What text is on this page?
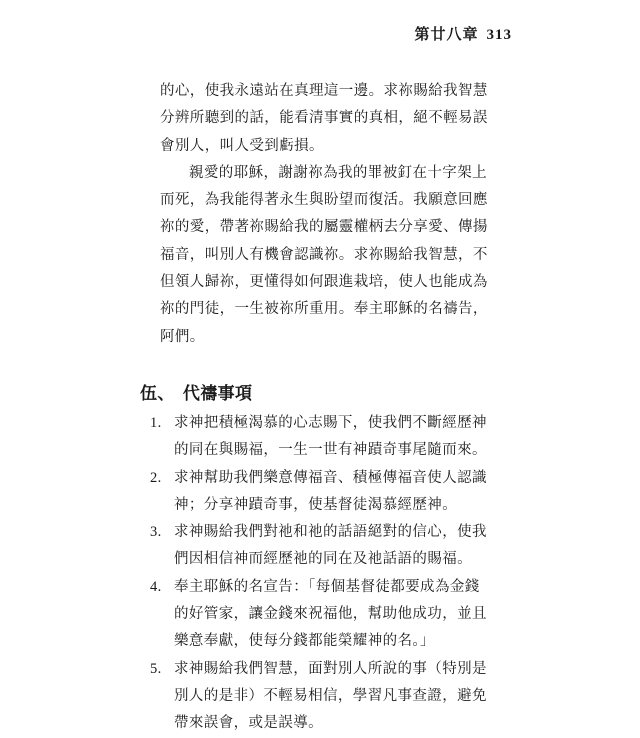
第廿八章 313

的心，使我永遠站在真理這一邊。求祢賜給我智慧分辨所聽到的話，能看清事實的真相，絕不輕易誤會別人，叫人受到虧損。

親愛的耶穌，謝謝祢為我的罪被釘在十字架上而死，為我能得著永生與盼望而復活。我願意回應祢的愛，帶著祢賜給我的屬靈權柄去分享愛、傳揚福音，叫別人有機會認識祢。求祢賜給我智慧，不但領人歸祢，更懂得如何跟進栽培，使人也能成為祢的門徒，一生被祢所重用。奉主耶穌的名禱告，阿們。

伍、 代禱事項
1. 求神把積極渴慕的心志賜下，使我們不斷經歷神的同在與賜福，一生一世有神蹟奇事尾隨而來。
2. 求神幫助我們樂意傳福音、積極傳福音使人認識神；分享神蹟奇事，使基督徒渴慕經歷神。
3. 求神賜給我們對祂和祂的話語絕對的信心，使我們因相信神而經歷祂的同在及祂話語的賜福。
4. 奉主耶穌的名宣告：「每個基督徒都要成為金錢的好管家，讓金錢來祝福他，幫助他成功，並且樂意奉獻，使每分錢都能榮耀神的名。」
5. 求神賜給我們智慧，面對別人所說的事（特別是別人的是非）不輕易相信，學習凡事查證，避免帶來誤會，或是誤導。
